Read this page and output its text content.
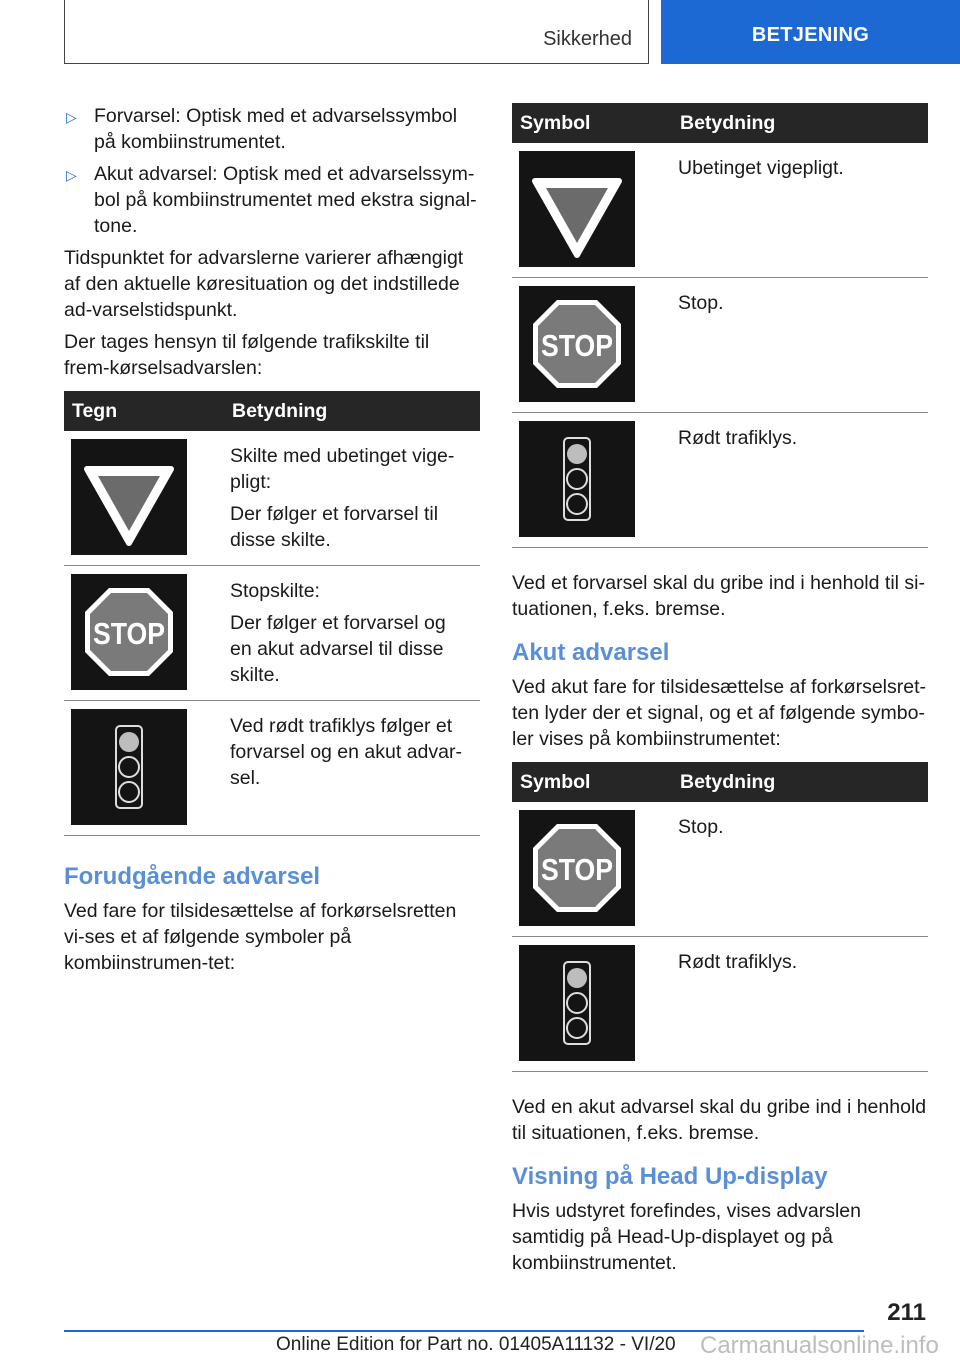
Sikkerhed	BETJENING
▷ Forvarsel: Optisk med et advarselssymbol på kombiinstrumentet.
▷ Akut advarsel: Optisk med et advarselssym-bol på kombiinstrumentet med ekstra signal-tone.

Tidspunktet for advarslerne varierer afhængigt af den aktuelle køresituation og det indstillede ad-varselstidspunkt.

Der tages hensyn til følgende trafikskilte til frem-kørselsadvarslen:

Tegn	Betydning

Skilte med ubetinget vige-pligt:
Der følger et forvarsel til disse skilte.

STOP	Stopskilte:
Der følger et forvarsel og en akut advarsel til disse skilte.

Ved rødt trafiklys følger et forvarsel og en akut advar-sel.
Forudgående advarsel

Ved fare for tilsidesættelse af forkørselsretten vi-ses et af følgende symboler på kombiinstrumen-tet:

Symbol	Betydning

Ubetinget vigepligt.

STOP	Stop.

Rødt trafiklys.

Ved et forvarsel skal du gribe ind i henhold til si-tuationen, f.eks. bremse.

Akut advarsel

Ved akut fare for tilsidesættelse af forkørselsret-ten lyder der et signal, og et af følgende symbo-ler vises på kombiinstrumentet:

Symbol	Betydning

STOP	Stop.

Rødt trafiklys.

Ved en akut advarsel skal du gribe ind i henhold til situationen, f.eks. bremse.

Visning på Head Up-display

Hvis udstyret forefindes, vises advarslen samtidig på Head-Up-displayet og på kombiinstrumentet.

211
Online Edition for Part no. 01405A11132 - VI/20 Carmanualsonline.info
